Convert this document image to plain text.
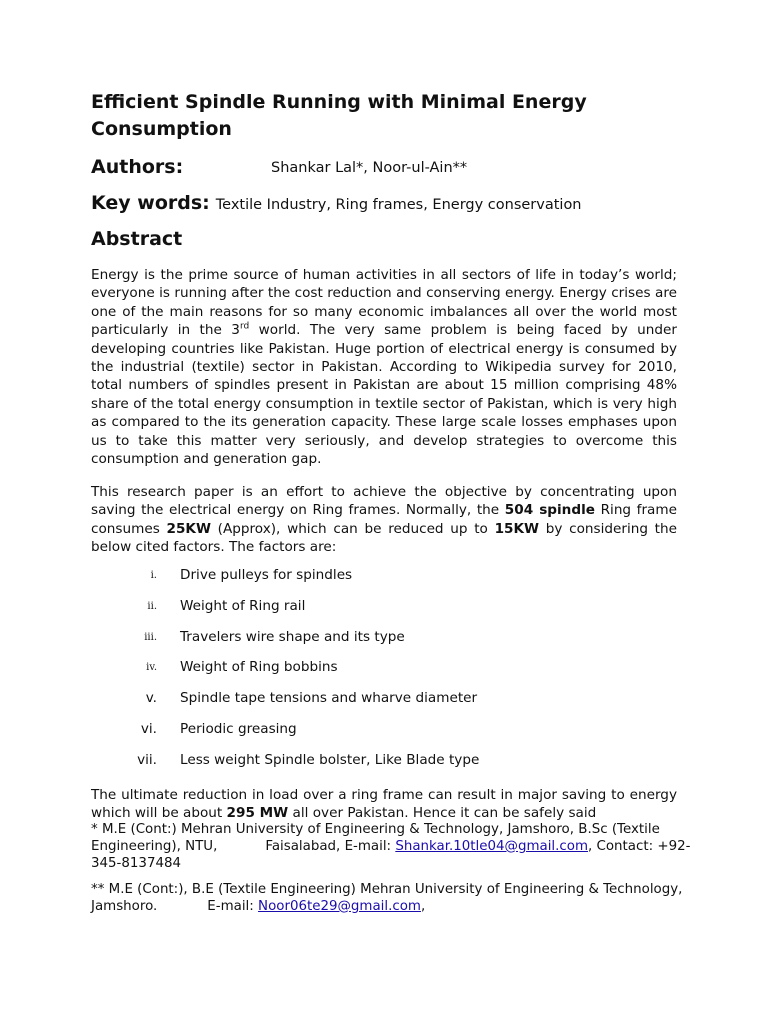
Efficient Spindle Running with Minimal Energy Consumption
Authors:	Shankar Lal*, Noor-ul-Ain**
Key words: Textile Industry, Ring frames, Energy conservation
Abstract

Energy is the prime source of human activities in all sectors of life in today’s world; everyone is running after the cost reduction and conserving energy. Energy crises are one of the main reasons for so many economic imbalances all over the world most particularly in the 3rd world. The very same problem is being faced by under developing countries like Pakistan. Huge portion of electrical energy is consumed by the industrial (textile) sector in Pakistan. According to Wikipedia survey for 2010, total numbers of spindles present in Pakistan are about 15 million comprising 48% share of the total energy consumption in textile sector of Pakistan, which is very high as compared to the its generation capacity. These large scale losses emphases upon us to take this matter very seriously, and develop strategies to overcome this consumption and generation gap.

This research paper is an effort to achieve the objective by concentrating upon saving the electrical energy on Ring frames. Normally, the 504 spindle Ring frame consumes 25KW (Approx), which can be reduced up to 15KW by considering the below cited factors. The factors are:

i. Drive pulleys for spindles
ii. Weight of Ring rail
iii. Travelers wire shape and its type
iv. Weight of Ring bobbins
v. Spindle tape tensions and wharve diameter
vi. Periodic greasing
vii. Less weight Spindle bolster, Like Blade type

The ultimate reduction in load over a ring frame can result in major saving to energy which will be about 295 MW all over Pakistan. Hence it can be safely said

* M.E (Cont:) Mehran University of Engineering & Technology, Jamshoro, B.Sc (Textile Engineering), NTU,	Faisalabad, E-mail: Shankar.10tle04@gmail.com, Contact: +92-345-8137484

** M.E (Cont:), B.E (Textile Engineering) Mehran University of Engineering & Technology, Jamshoro.	E-mail: Noor06te29@gmail.com,
